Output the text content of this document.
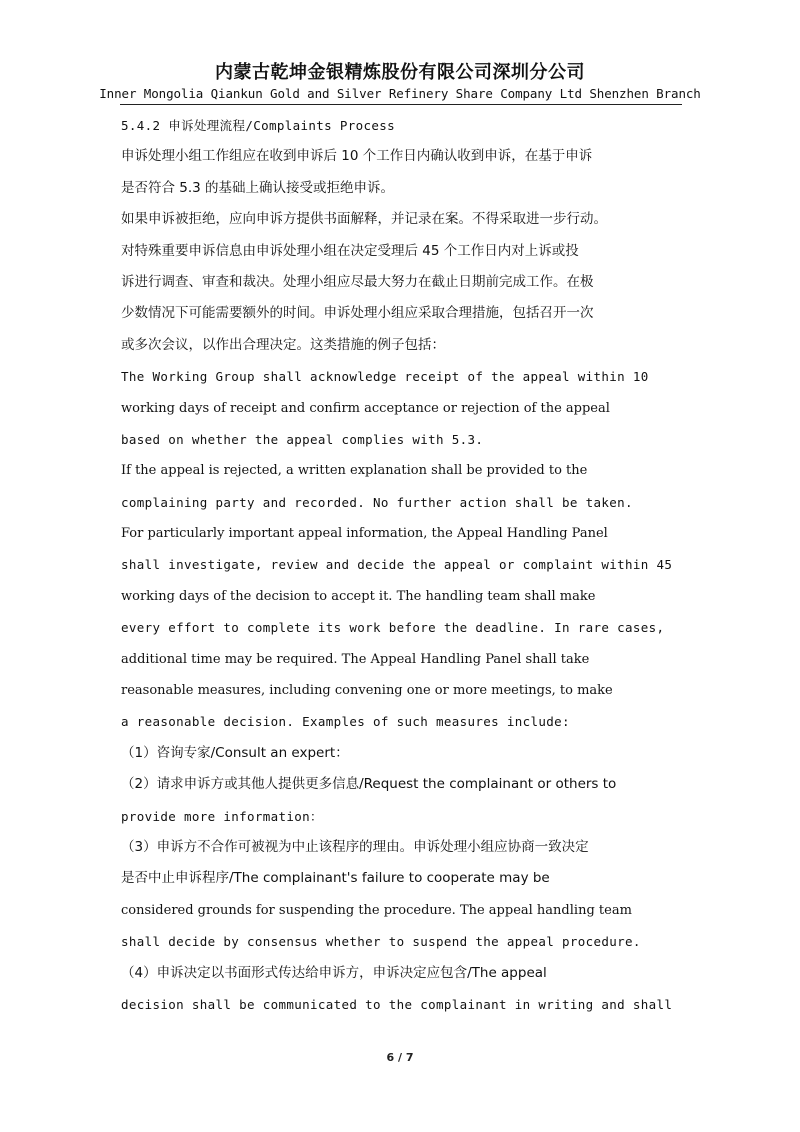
内蒙古乾坤金银精炼股份有限公司深圳分公司
Inner Mongolia Qiankun Gold and Silver Refinery Share Company Ltd Shenzhen Branch
5.4.2 申诉处理流程/Complaints Process
申诉处理小组工作组应在收到申诉后 10 个工作日内确认收到申诉，在基于申诉
是否符合 5.3 的基础上确认接受或拒绝申诉。
如果申诉被拒绝，应向申诉方提供书面解释，并记录在案。不得采取进一步行动。
对特殊重要申诉信息由申诉处理小组在决定受理后 45 个工作日内对上诉或投
诉进行调查、审查和裁决。处理小组应尽最大努力在截止日期前完成工作。在极
少数情况下可能需要额外的时间。申诉处理小组应采取合理措施，包括召开一次
或多次会议，以作出合理决定。这类措施的例子包括：
The Working Group shall acknowledge receipt of the appeal within 10
working days of receipt and confirm acceptance or rejection of the appeal
based on whether the appeal complies with 5.3.
If the appeal is rejected, a written explanation shall be provided to the
complaining party and recorded. No further action shall be taken.
For particularly important appeal information, the Appeal Handling Panel
shall investigate, review and decide the appeal or complaint within 45
working days of the decision to accept it. The handling team shall make
every effort to complete its work before the deadline. In rare cases,
additional time may be required. The Appeal Handling Panel shall take
reasonable measures, including convening one or more meetings, to make
a reasonable decision. Examples of such measures include:
（1）咨询专家/Consult an expert：
（2）请求申诉方或其他人提供更多信息/Request the complainant or others to
provide more information：
（3）申诉方不合作可被视为中止该程序的理由。申诉处理小组应协商一致决定
是否中止申诉程序/The complainant's failure to cooperate may be
considered grounds for suspending the procedure. The appeal handling team
shall decide by consensus whether to suspend the appeal procedure.
（4）申诉决定以书面形式传达给申诉方，申诉决定应包含/The appeal
decision shall be communicated to the complainant in writing and shall
6 / 7
